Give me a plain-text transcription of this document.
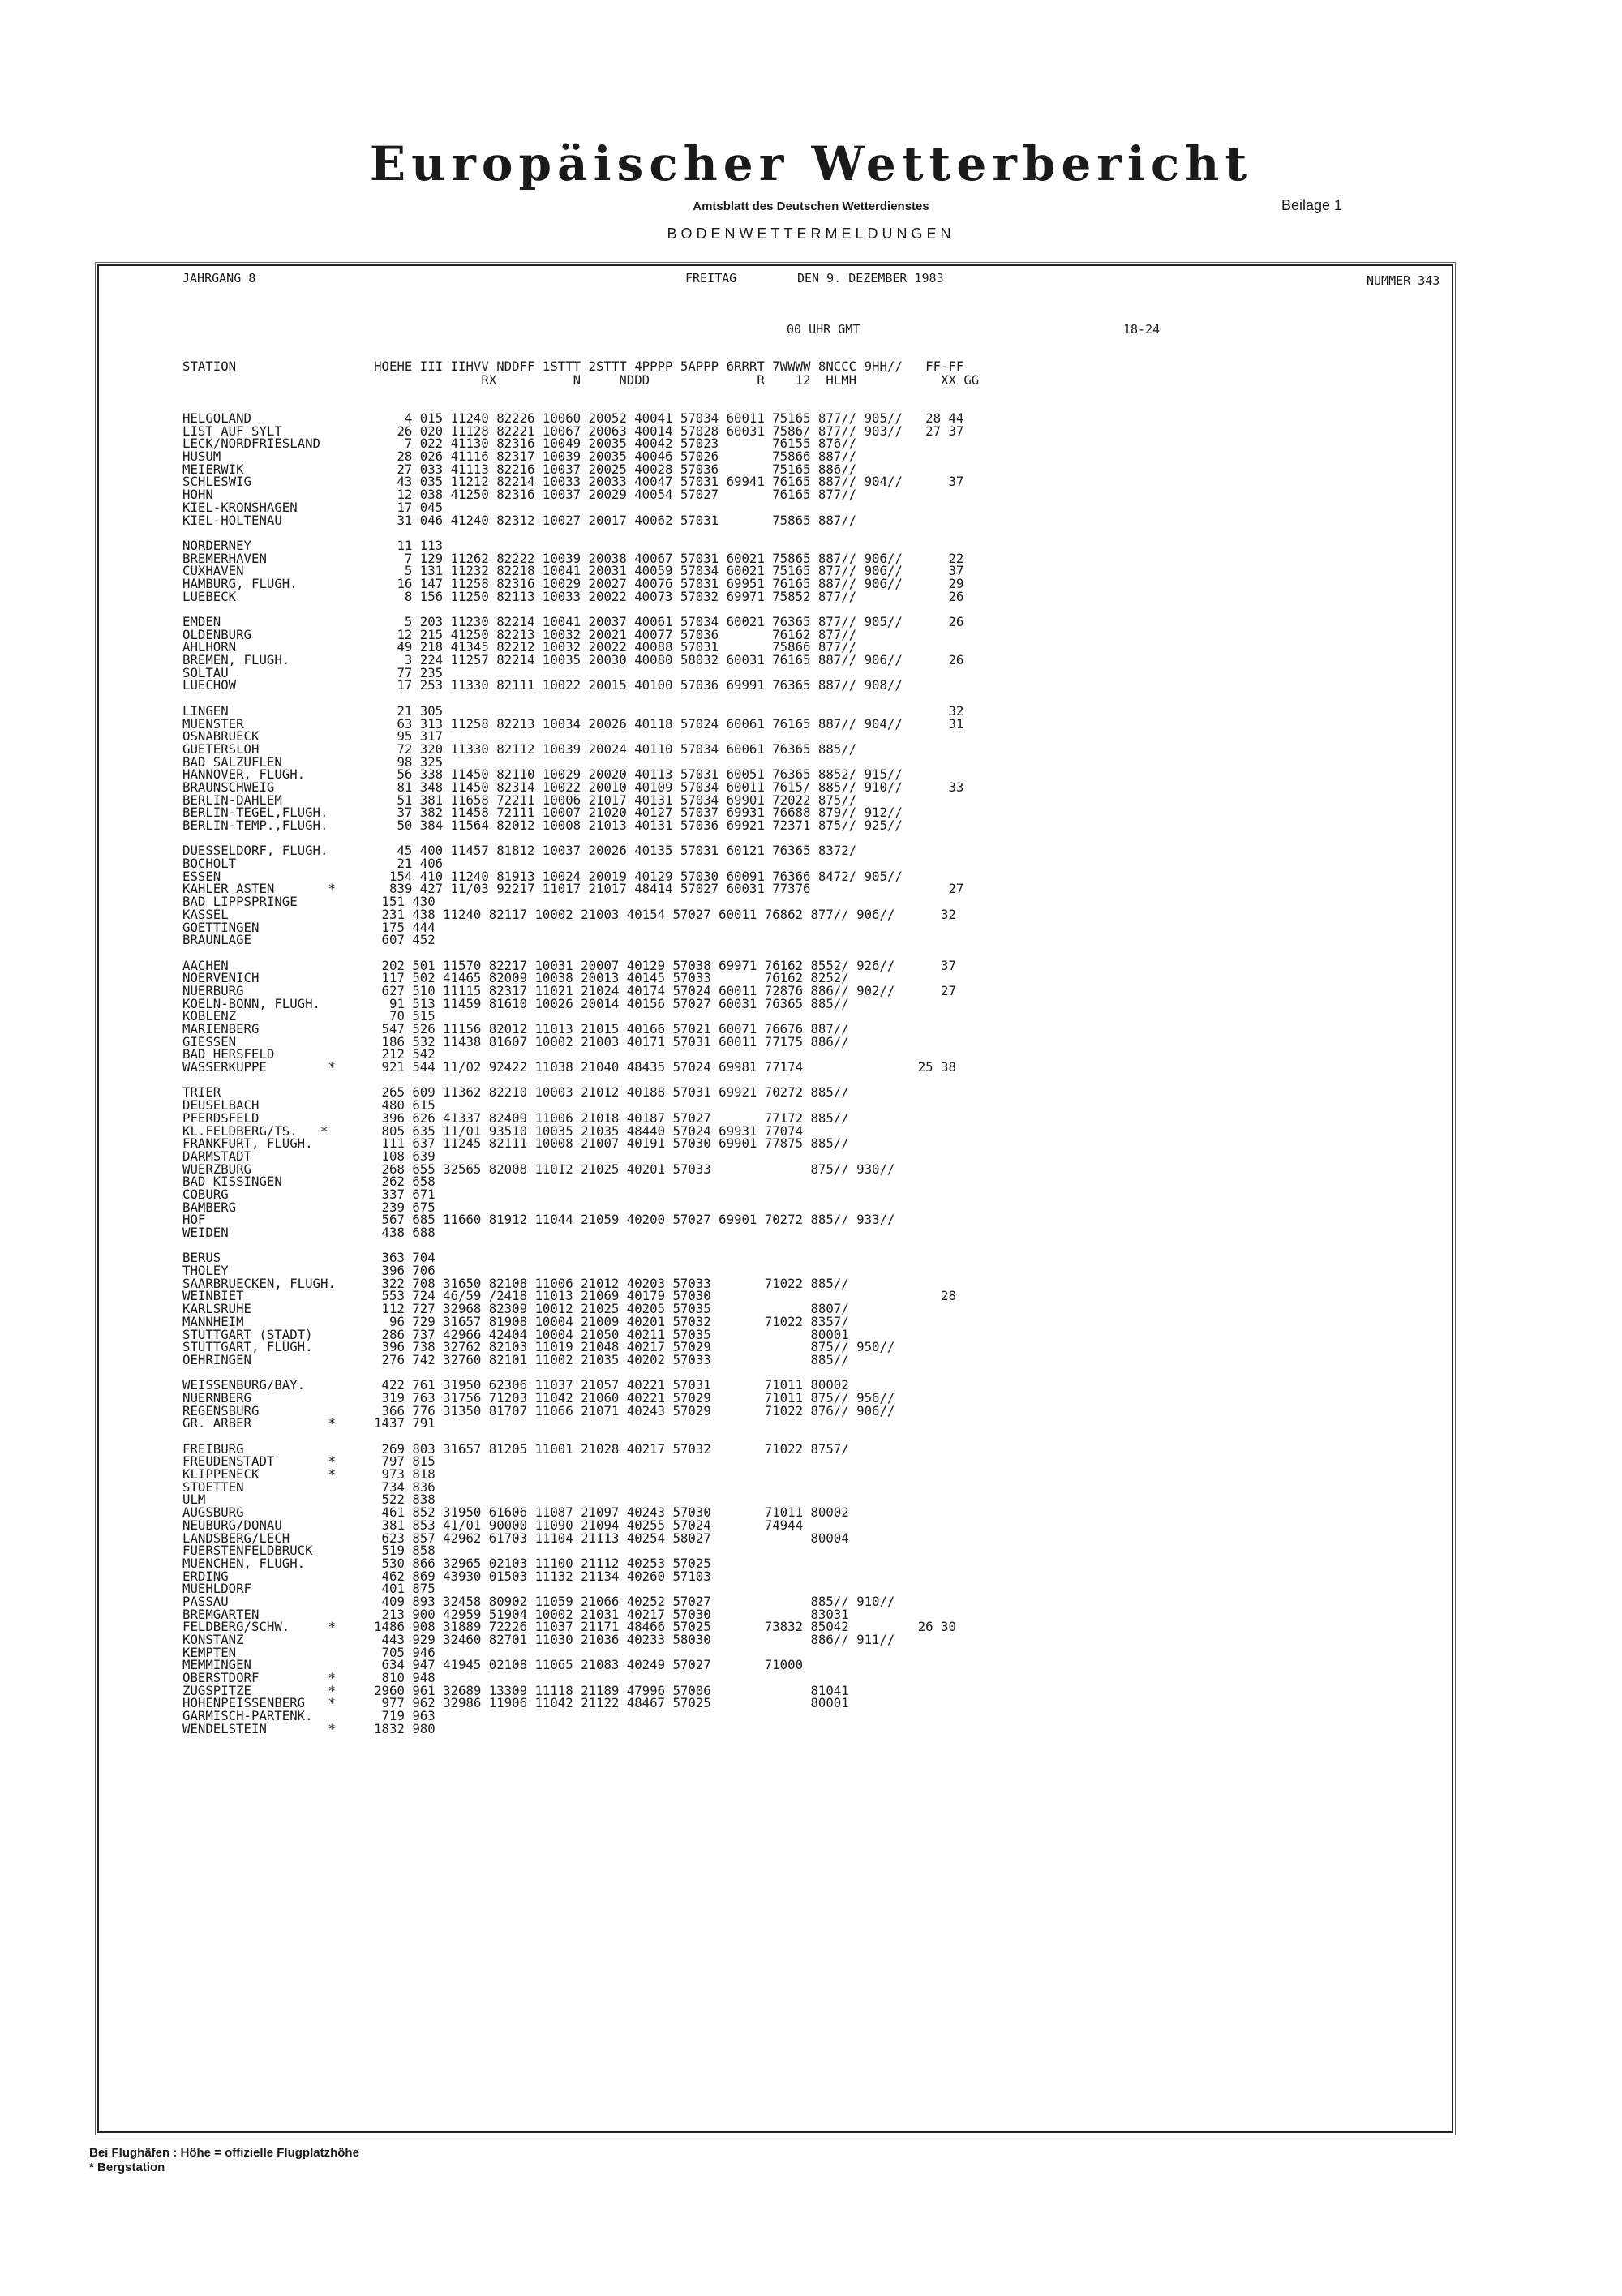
Europäischer Wetterbericht
Amtsblatt des Deutschen Wetterdienstes	Beilage 1
BODENWETTERMELDUNGEN
JAHRGANG 8	FREITAG	DEN 9. DEZEMBER 1983	NUMMER 343
00 UHR GMT	18-24
STATION                  HOEHE III IIHVV NDDFF 1STTT 2STTT 4PPPP 5APPP 6RRRT 7WWWW 8NCCC 9HH//   FF-FF
RX          N     NDDD              R    12  HLMH           XX GG
HELGOLAND                    4 015 11240 82226 10060 20052 40041 57034 60011 75165 877// 905//   28 44
LIST AUF SYLT               26 020 11128 82221 10067 20063 40014 57028 60031 7586/ 877// 903//   27 37
LECK/NORDFRIESLAND           7 022 41130 82316 10049 20035 40042 57023       76155 876//
HUSUM                       28 026 41116 82317 10039 20035 40046 57026       75866 887//
MEIERWIK                    27 033 41113 82216 10037 20025 40028 57036       75165 886//
SCHLESWIG                   43 035 11212 82214 10033 20033 40047 57031 69941 76165 887// 904//      37
HOHN                        12 038 41250 82316 10037 20029 40054 57027       76165 877//
KIEL-KRONSHAGEN             17 045
KIEL-HOLTENAU               31 046 41240 82312 10027 20017 40062 57031       75865 887//
NORDERNEY                   11 113
BREMERHAVEN                  7 129 11262 82222 10039 20038 40067 57031 60021 75865 887// 906//      22
CUXHAVEN                     5 131 11232 82218 10041 20031 40059 57034 60021 75165 877// 906//      37
HAMBURG, FLUGH.             16 147 11258 82316 10029 20027 40076 57031 69951 76165 887// 906//      29
LUEBECK                      8 156 11250 82113 10033 20022 40073 57032 69971 75852 877//            26
EMDEN                        5 203 11230 82214 10041 20037 40061 57034 60021 76365 877// 905//      26
OLDENBURG                   12 215 41250 82213 10032 20021 40077 57036       76162 877//
AHLHORN                     49 218 41345 82212 10032 20022 40088 57031       75866 877//
BREMEN, FLUGH.               3 224 11257 82214 10035 20030 40080 58032 60031 76165 887// 906//      26
SOLTAU                      77 235
LUECHOW                     17 253 11330 82111 10022 20015 40100 57036 69991 76365 887// 908//
LINGEN                      21 305                                                                  32
MUENSTER                    63 313 11258 82213 10034 20026 40118 57024 60061 76165 887// 904//      31
OSNABRUECK                  95 317
GUETERSLOH                  72 320 11330 82112 10039 20024 40110 57034 60061 76365 885//
BAD SALZUFLEN               98 325
HANNOVER, FLUGH.            56 338 11450 82110 10029 20020 40113 57031 60051 76365 8852/ 915//
BRAUNSCHWEIG                81 348 11450 82314 10022 20010 40109 57034 60011 7615/ 885// 910//      33
BERLIN-DAHLEM               51 381 11658 72211 10006 21017 40131 57034 69901 72022 875//
BERLIN-TEGEL,FLUGH.         37 382 11458 72111 10007 21020 40127 57037 69931 76688 879// 912//
BERLIN-TEMP.,FLUGH.         50 384 11564 82012 10008 21013 40131 57036 69921 72371 875// 925//
DUESSELDORF, FLUGH.         45 400 11457 81812 10037 20026 40135 57031 60121 76365 8372/
BOCHOLT                     21 406
ESSEN                      154 410 11240 81913 10024 20019 40129 57030 60091 76366 8472/ 905//
KAHLER ASTEN       *       839 427 11/03 92217 11017 21017 48414 57027 60031 77376                  27
BAD LIPPSPRINGE           151 430
KASSEL                    231 438 11240 82117 10002 21003 40154 57027 60011 76862 877// 906//      32
GOETTINGEN                175 444
BRAUNLAGE                 607 452
AACHEN                    202 501 11570 82217 10031 20007 40129 57038 69971 76162 8552/ 926//      37
NOERVENICH                117 502 41465 82009 10038 20013 40145 57033       76162 8252/
NUERBURG                  627 510 11115 82317 11021 21024 40174 57024 60011 72876 886// 902//      27
KOELN-BONN, FLUGH.         91 513 11459 81610 10026 20014 40156 57027 60031 76365 885//
KOBLENZ                    70 515
MARIENBERG                547 526 11156 82012 11013 21015 40166 57021 60071 76676 887//
GIESSEN                   186 532 11438 81607 10002 21003 40171 57031 60011 77175 886//
BAD HERSFELD              212 542
WASSERKUPPE        *      921 544 11/02 92422 11038 21040 48435 57024 69981 77174               25 38
TRIER                     265 609 11362 82210 10003 21012 40188 57031 69921 70272 885//
DEUSELBACH                480 615
PFERDSFELD                396 626 41337 82409 11006 21018 40187 57027       77172 885//
KL.FELDBERG/TS.   *       805 635 11/01 93510 10035 21035 48440 57024 69931 77074
FRANKFURT, FLUGH.         111 637 11245 82111 10008 21007 40191 57030 69901 77875 885//
DARMSTADT                 108 639
WUERZBURG                 268 655 32565 82008 11012 21025 40201 57033             875// 930//
BAD KISSINGEN             262 658
COBURG                    337 671
BAMBERG                   239 675
HOF                       567 685 11660 81912 11044 21059 40200 57027 69901 70272 885// 933//
WEIDEN                    438 688
BERUS                     363 704
THOLEY                    396 706
SAARBRUECKEN, FLUGH.      322 708 31650 82108 11006 21012 40203 57033       71022 885//
WEINBIET                  553 724 46/59 /2418 11013 21069 40179 57030                              28
KARLSRUHE                 112 727 32968 82309 10012 21025 40205 57035             8807/
MANNHEIM                   96 729 31657 81908 10004 21009 40201 57032       71022 8357/
STUTTGART (STADT)         286 737 42966 42404 10004 21050 40211 57035             80001
STUTTGART, FLUGH.         396 738 32762 82103 11019 21048 40217 57029             875// 950//
OEHRINGEN                 276 742 32760 82101 11002 21035 40202 57033             885//
WEISSENBURG/BAY.          422 761 31950 62306 11037 21057 40221 57031       71011 80002
NUERNBERG                 319 763 31756 71203 11042 21060 40221 57029       71011 875// 956//
REGENSBURG                366 776 31350 81707 11066 21071 40243 57029       71022 876// 906//
GR. ARBER          *     1437 791
FREIBURG                  269 803 31657 81205 11001 21028 40217 57032       71022 8757/
FREUDENSTADT       *      797 815
KLIPPENECK         *      973 818
STOETTEN                  734 836
ULM                       522 838
AUGSBURG                  461 852 31950 61606 11087 21097 40243 57030       71011 80002
NEUBURG/DONAU             381 853 41/01 90000 11090 21094 40255 57024       74944
LANDSBERG/LECH            623 857 42962 61703 11104 21113 40254 58027             80004
FUERSTENFELDBRUCK         519 858
MUENCHEN, FLUGH.          530 866 32965 02103 11100 21112 40253 57025
ERDING                    462 869 43930 01503 11132 21134 40260 57103
MUEHLDORF                 401 875
PASSAU                    409 893 32458 80902 11059 21066 40252 57027             885// 910//
BREMGARTEN                213 900 42959 51904 10002 21031 40217 57030             83031
FELDBERG/SCHW.     *     1486 908 31889 72226 11037 21171 48466 57025       73832 85042         26 30
KONSTANZ                  443 929 32460 82701 11030 21036 40233 58030             886// 911//
KEMPTEN                   705 946
MEMMINGEN                 634 947 41945 02108 11065 21083 40249 57027       71000
OBERSTDORF         *      810 948
ZUGSPITZE          *     2960 961 32689 13309 11118 21189 47996 57006             81041
HOHENPEISSENBERG   *      977 962 32986 11906 11042 21122 48467 57025             80001
GARMISCH-PARTENK.         719 963
WENDELSTEIN        *     1832 980
Bei Flughäfen : Höhe = offizielle Flugplatzhöhe
* Bergstation
